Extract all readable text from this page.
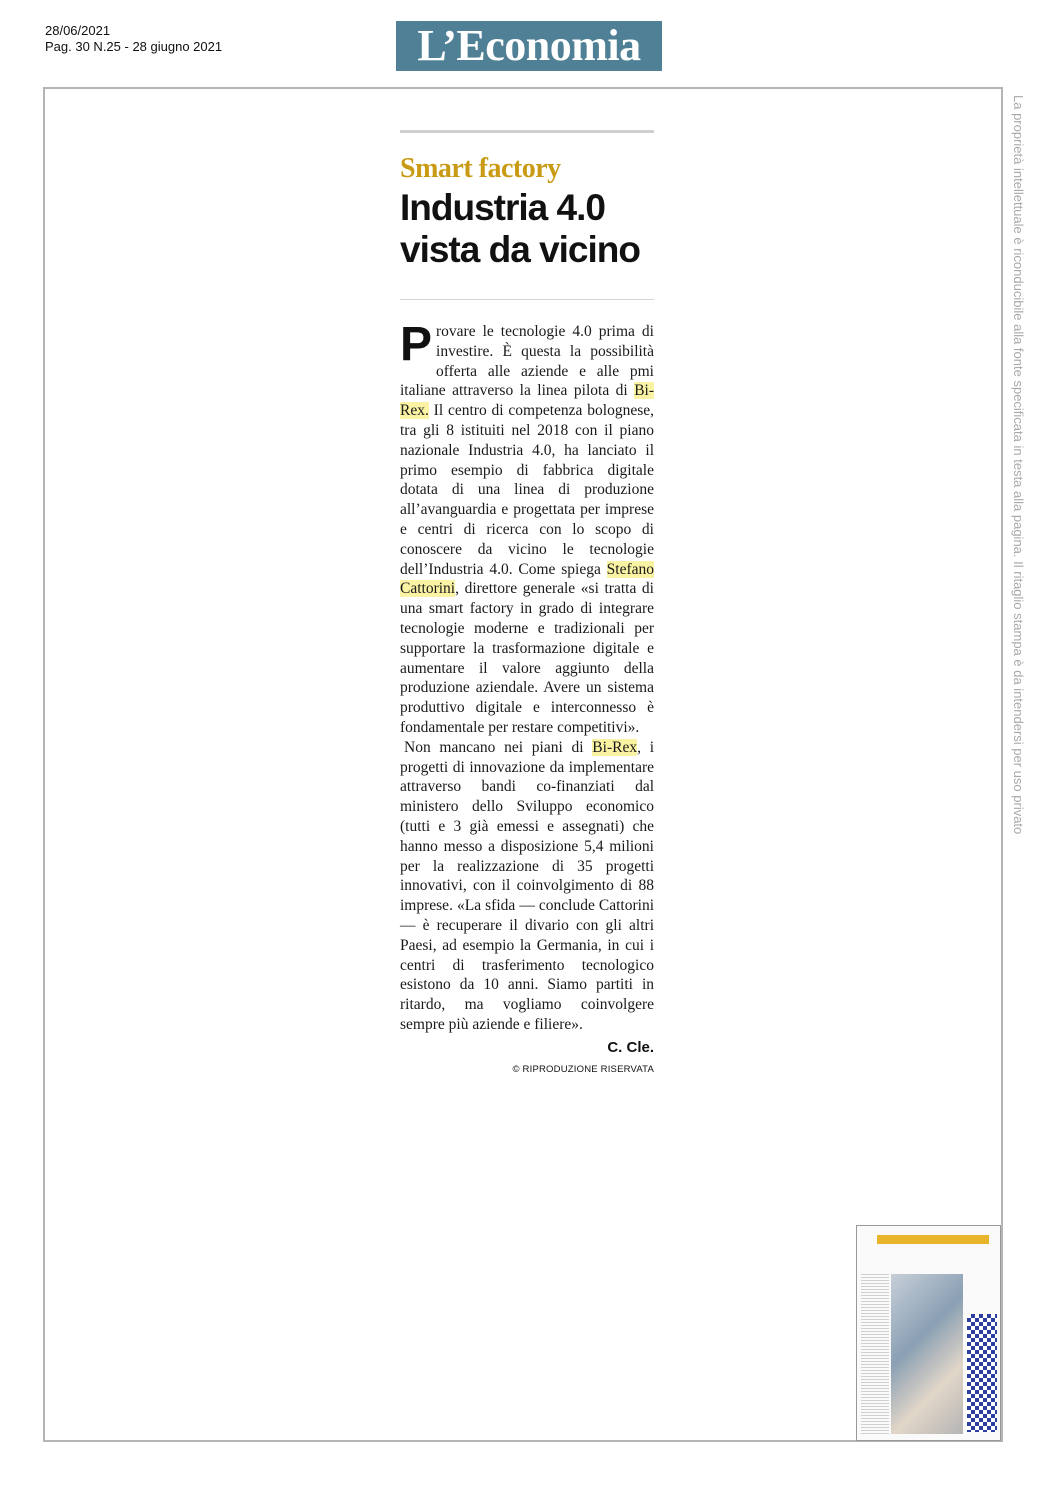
28/06/2021
Pag. 30 N.25 - 28 giugno 2021	L’Economia
La proprietà intellettuale è riconducibile alla fonte specificata in testa alla pagina. Il ritaglio stampa è da intendersi per uso privato
Smart factory
Industria 4.0
vista da vicino

Provare le tecnologie 4.0 prima di investire. È questa la possibilità offerta alle aziende e alle pmi italiane attraverso la linea pilota di Bi-Rex. Il centro di competenza bolognese, tra gli 8 istituiti nel 2018 con il piano nazionale Industria 4.0, ha lanciato il primo esempio di fabbrica digitale dotata di una linea di produzione all’avanguardia e progettata per imprese e centri di ricerca con lo scopo di conoscere da vicino le tecnologie dell’Industria 4.0. Come spiega Stefano Cattorini, direttore generale «si tratta di una smart factory in grado di integrare tecnologie moderne e tradizionali per supportare la trasformazione digitale e aumentare il valore aggiunto della produzione aziendale. Avere un sistema produttivo digitale e interconnesso è fondamentale per restare competitivi».

Non mancano nei piani di Bi-Rex, i progetti di innovazione da implementare attraverso bandi co-finanziati dal ministero dello Sviluppo economico (tutti e 3 già emessi e assegnati) che hanno messo a disposizione 5,4 milioni per la realizzazione di 35 progetti innovativi, con il coinvolgimento di 88 imprese. «La sfida — conclude Cattorini — è recuperare il divario con gli altri Paesi, ad esempio la Germania, in cui i centri di trasferimento tecnologico esistono da 10 anni. Siamo partiti in ritardo, ma vogliamo coinvolgere sempre più aziende e filiere».

C. Cle.
© RIPRODUZIONE RISERVATA
